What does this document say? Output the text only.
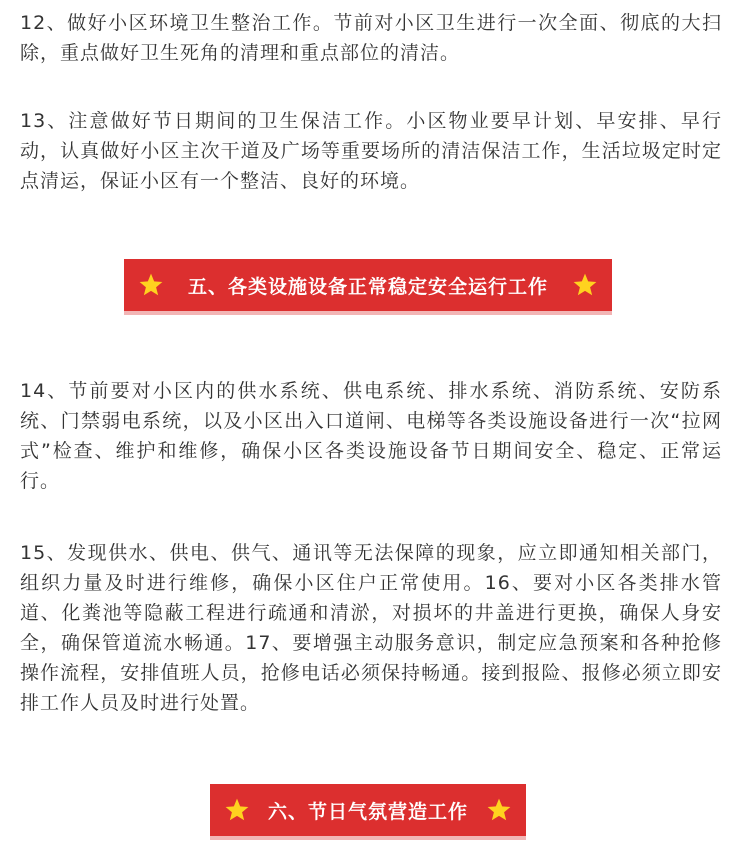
12、做好小区环境卫生整治工作。节前对小区卫生进行一次全面、彻底的大扫除，重点做好卫生死角的清理和重点部位的清洁。

13、注意做好节日期间的卫生保洁工作。小区物业要早计划、早安排、早行动，认真做好小区主次干道及广场等重要场所的清洁保洁工作，生活垃圾定时定点清运，保证小区有一个整洁、良好的环境。

五、各类设施设备正常稳定安全运行工作

14、节前要对小区内的供水系统、供电系统、排水系统、消防系统、安防系统、门禁弱电系统，以及小区出入口道闸、电梯等各类设施设备进行一次“拉网式”检查、维护和维修，确保小区各类设施设备节日期间安全、稳定、正常运行。

15、发现供水、供电、供气、通讯等无法保障的现象，应立即通知相关部门，组织力量及时进行维修，确保小区住户正常使用。16、要对小区各类排水管道、化粪池等隐蔽工程进行疏通和清淤，对损坏的井盖进行更换，确保人身安全，确保管道流水畅通。17、要增强主动服务意识，制定应急预案和各种抢修操作流程，安排值班人员，抢修电话必须保持畅通。接到报险、报修必须立即安排工作人员及时进行处置。

六、节日气氛营造工作
